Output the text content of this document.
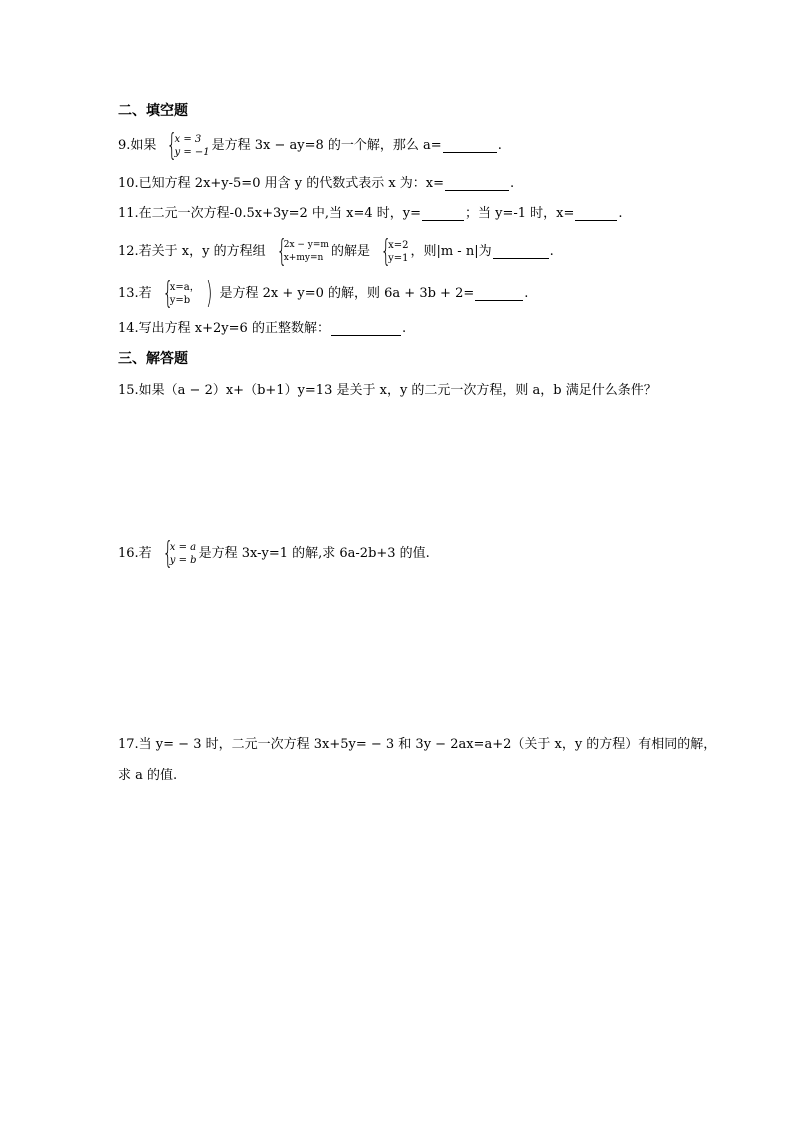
二、填空题
9.如果 {
x = 3
y = −1 是方程 3x − ay=8 的一个解，那么 a=	.
10.已知方程 2x+y-5=0 用含 y 的代数式表示 x 为：x=	.
11.在二元一次方程-0.5x+3y=2 中,当 x=4 时，y=	；当 y=-1 时，x=	.
12.若关于 x，y 的方程组 {
2x − y=m
x+my=n 的解是 {
x=2
y=1 ，则|m - n|为	.
13.若 {
x=a，
y=b ) 是方程 2x + y=0 的解，则 6a + 3b + 2=	.
14.写出方程 x+2y=6 的正整数解：	.
三、解答题
15.如果（a − 2）x+（b+1）y=13 是关于 x，y 的二元一次方程，则 a，b 满足什么条件？
16.若 {
x = a
y = b 是方程 3x-y=1 的解,求 6a-2b+3 的值.
17.当 y= − 3 时，二元一次方程 3x+5y= − 3 和 3y − 2ax=a+2（关于 x，y 的方程）有相同的解，
求 a 的值.
